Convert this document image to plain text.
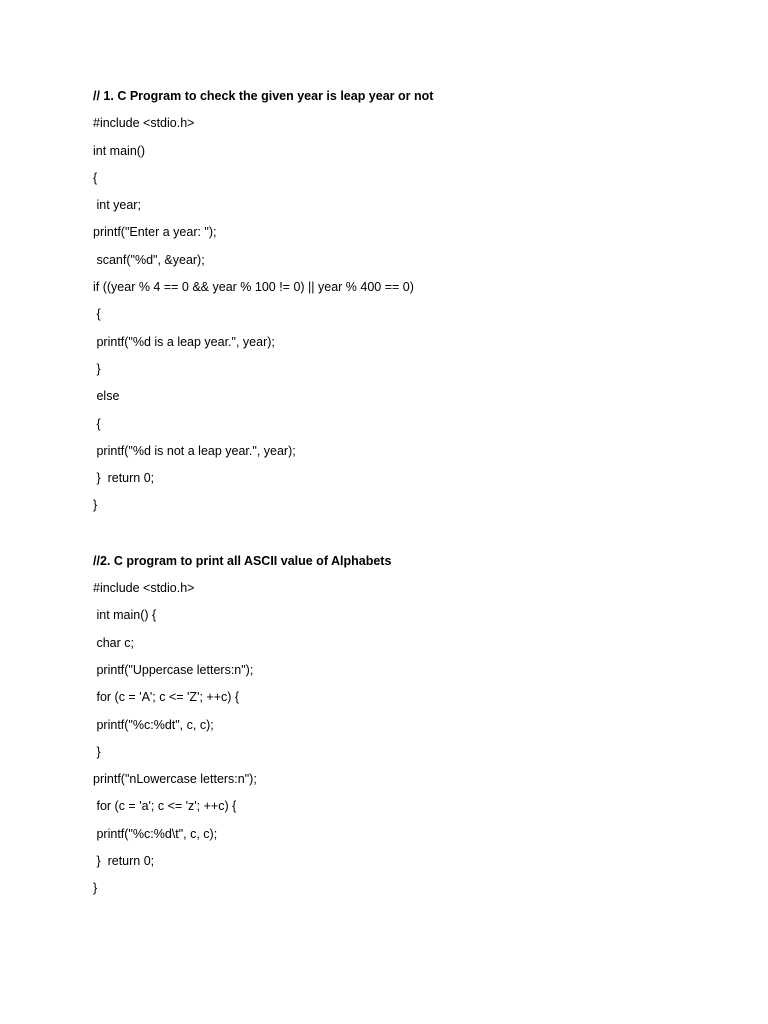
// 1. C Program to check the given year is leap year or not
#include <stdio.h>
int main()
{
int year;
printf("Enter a year: ");
scanf("%d", &year);
if ((year % 4 == 0 && year % 100 != 0) || year % 400 == 0)
{
printf("%d is a leap year.", year);
}
else
{
printf("%d is not a leap year.", year);
}  return 0;
}
//2. C program to print all ASCII value of Alphabets
#include <stdio.h>
int main() {
char c;
printf("Uppercase letters:n");
for (c = 'A'; c <= 'Z'; ++c) {
printf("%c:%dt", c, c);
}
printf("nLowercase letters:n");
for (c = 'a'; c <= 'z'; ++c) {
printf("%c:%d\t", c, c);
}  return 0;
}
